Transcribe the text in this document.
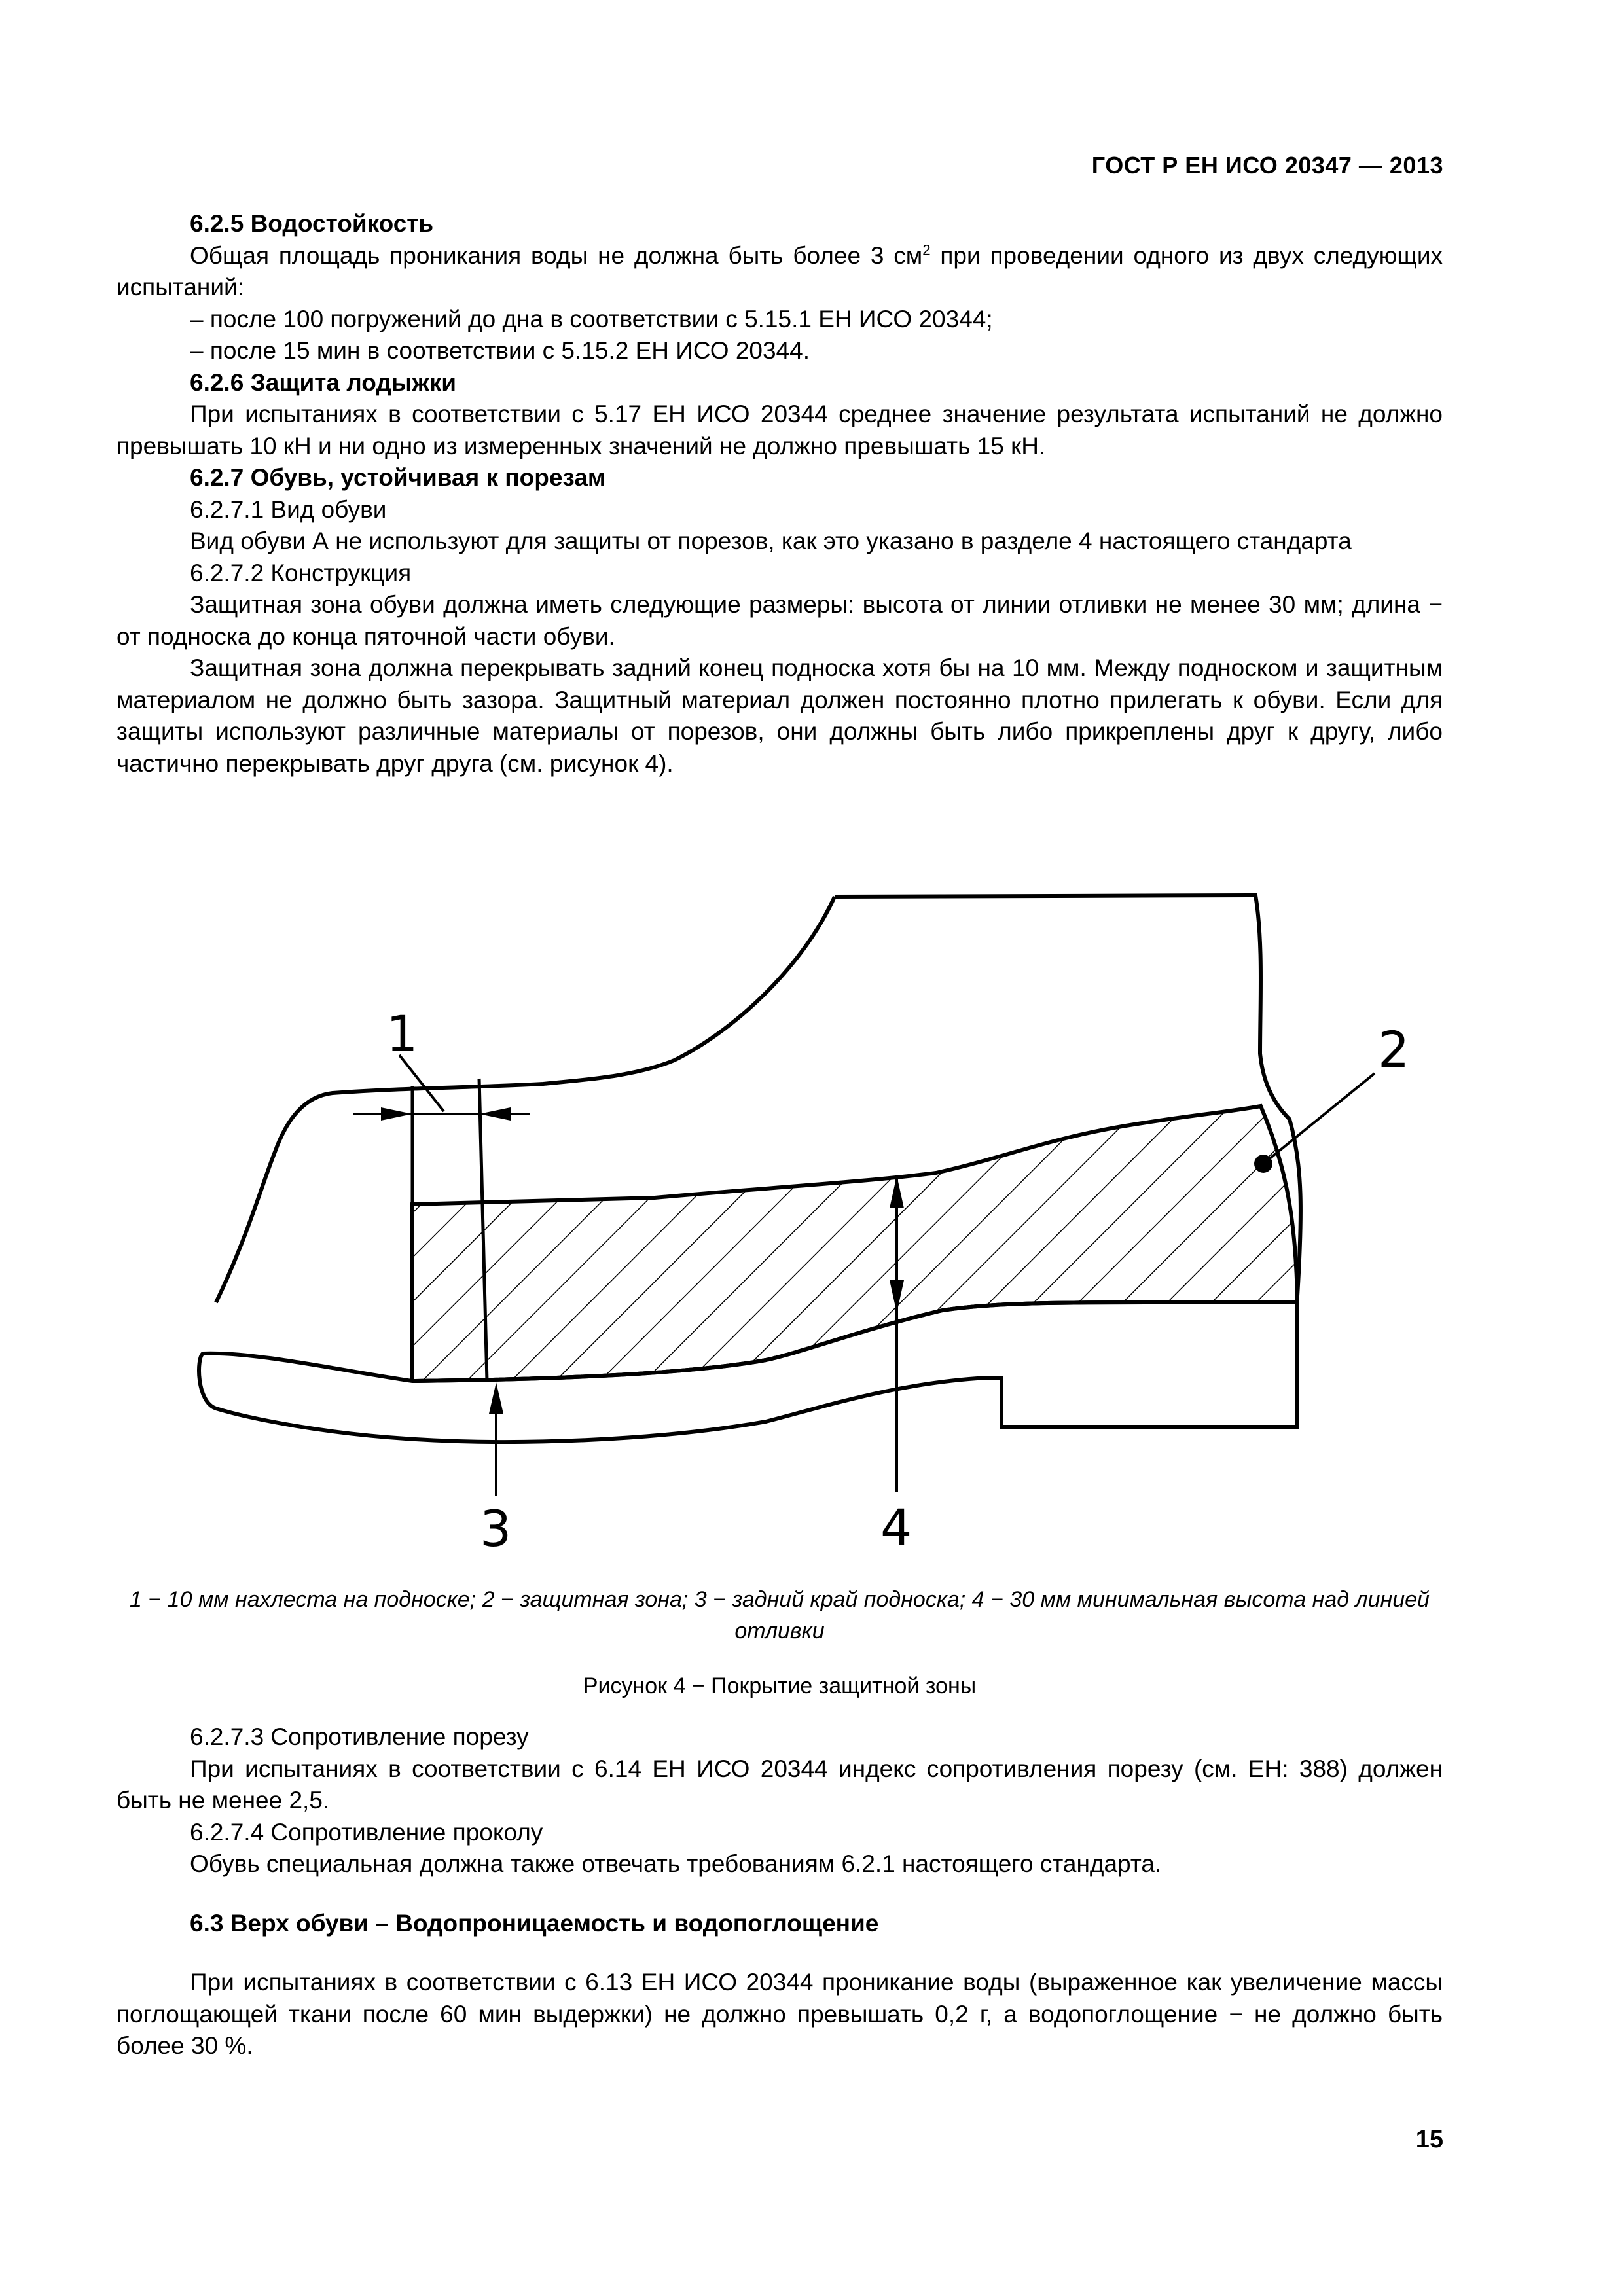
ГОСТ Р ЕН ИСО 20347 — 2013

6.2.5 Водостойкость

Общая площадь проникания воды не должна быть более 3 $см^2$ при проведении одного из двух следующих испытаний:

– после 100 погружений до дна в соответствии с 5.15.1 ЕН ИСО 20344;

– после 15 мин в соответствии с 5.15.2 ЕН ИСО 20344.

6.2.6 Защита лодыжки

При испытаниях в соответствии с 5.17 ЕН ИСО 20344 среднее значение результата испытаний не должно превышать 10 кН и ни одно из измеренных значений не должно превышать 15 кН.

6.2.7 Обувь, устойчивая к порезам

6.2.7.1 Вид обуви

Вид обуви А не используют для защиты от порезов, как это указано в разделе 4 настоящего стандарта

6.2.7.2 Конструкция

Защитная зона обуви должна иметь следующие размеры: высота от линии отливки не менее 30 мм; длина − от подноска до конца пяточной части обуви.

Защитная зона должна перекрывать задний конец подноска хотя бы на 10 мм. Между подноском и защитным материалом не должно быть зазора. Защитный материал должен постоянно плотно прилегать к обуви. Если для защиты используют различные материалы от порезов, они должны быть либо прикреплены друг к другу, либо частично перекрывать друг друга (см. рисунок 4).

1	2
3	4
1 − 10 мм нахлеста на подноске; 2 − защитная зона; 3 − задний край подноска; 4 − 30 мм минимальная высота над линией отливки
Рисунок 4 − Покрытие защитной зоны

6.2.7.3 Сопротивление порезу

При испытаниях в соответствии с 6.14 ЕН ИСО 20344 индекс сопротивления порезу (см. ЕН: 388) должен быть не менее 2,5.

6.2.7.4 Сопротивление проколу

Обувь специальная должна также отвечать требованиям 6.2.1 настоящего стандарта.

6.3 Верх обуви – Водопроницаемость и водопоглощение

При испытаниях в соответствии с 6.13 ЕН ИСО 20344 проникание воды (выраженное как увеличение массы поглощающей ткани после 60 мин выдержки) не должно превышать 0,2 г, а водопоглощение − не должно быть более 30 %.

15
